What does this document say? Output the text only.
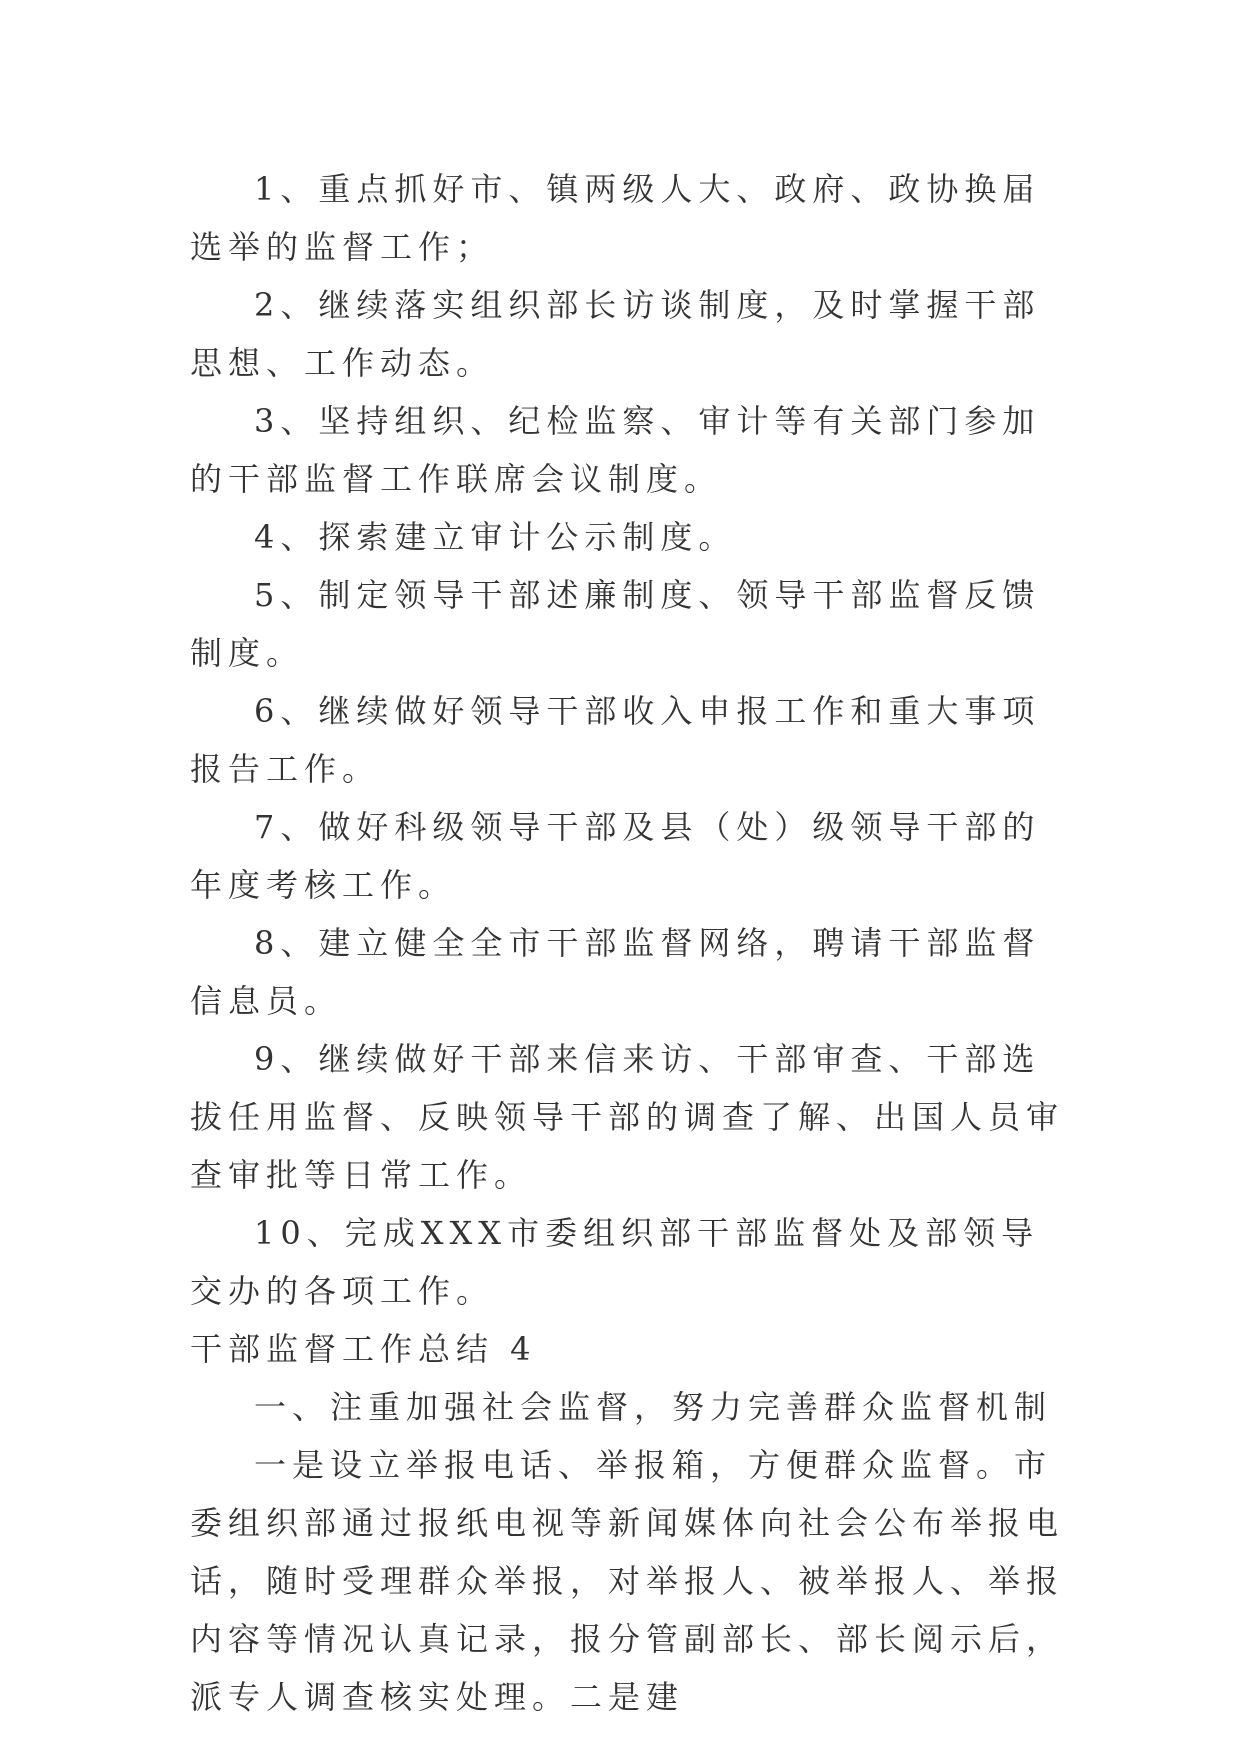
1、重点抓好市、镇两级人大、政府、政协换届选举的监督工作；

2、继续落实组织部长访谈制度，及时掌握干部思想、工作动态。

3、坚持组织、纪检监察、审计等有关部门参加的干部监督工作联席会议制度。

4、探索建立审计公示制度。

5、制定领导干部述廉制度、领导干部监督反馈制度。

6、继续做好领导干部收入申报工作和重大事项报告工作。

7、做好科级领导干部及县（处）级领导干部的年度考核工作。

8、建立健全全市干部监督网络，聘请干部监督信息员。

9、继续做好干部来信来访、干部审查、干部选拔任用监督、反映领导干部的调查了解、出国人员审查审批等日常工作。

10、完成XXX市委组织部干部监督处及部领导交办的各项工作。

干部监督工作总结 4

一、注重加强社会监督，努力完善群众监督机制

一是设立举报电话、举报箱，方便群众监督。市委组织部通过报纸电视等新闻媒体向社会公布举报电话，随时受理群众举报，对举报人、被举报人、举报内容等情况认真记录，报分管副部长、部长阅示后，派专人调查核实处理。二是建
